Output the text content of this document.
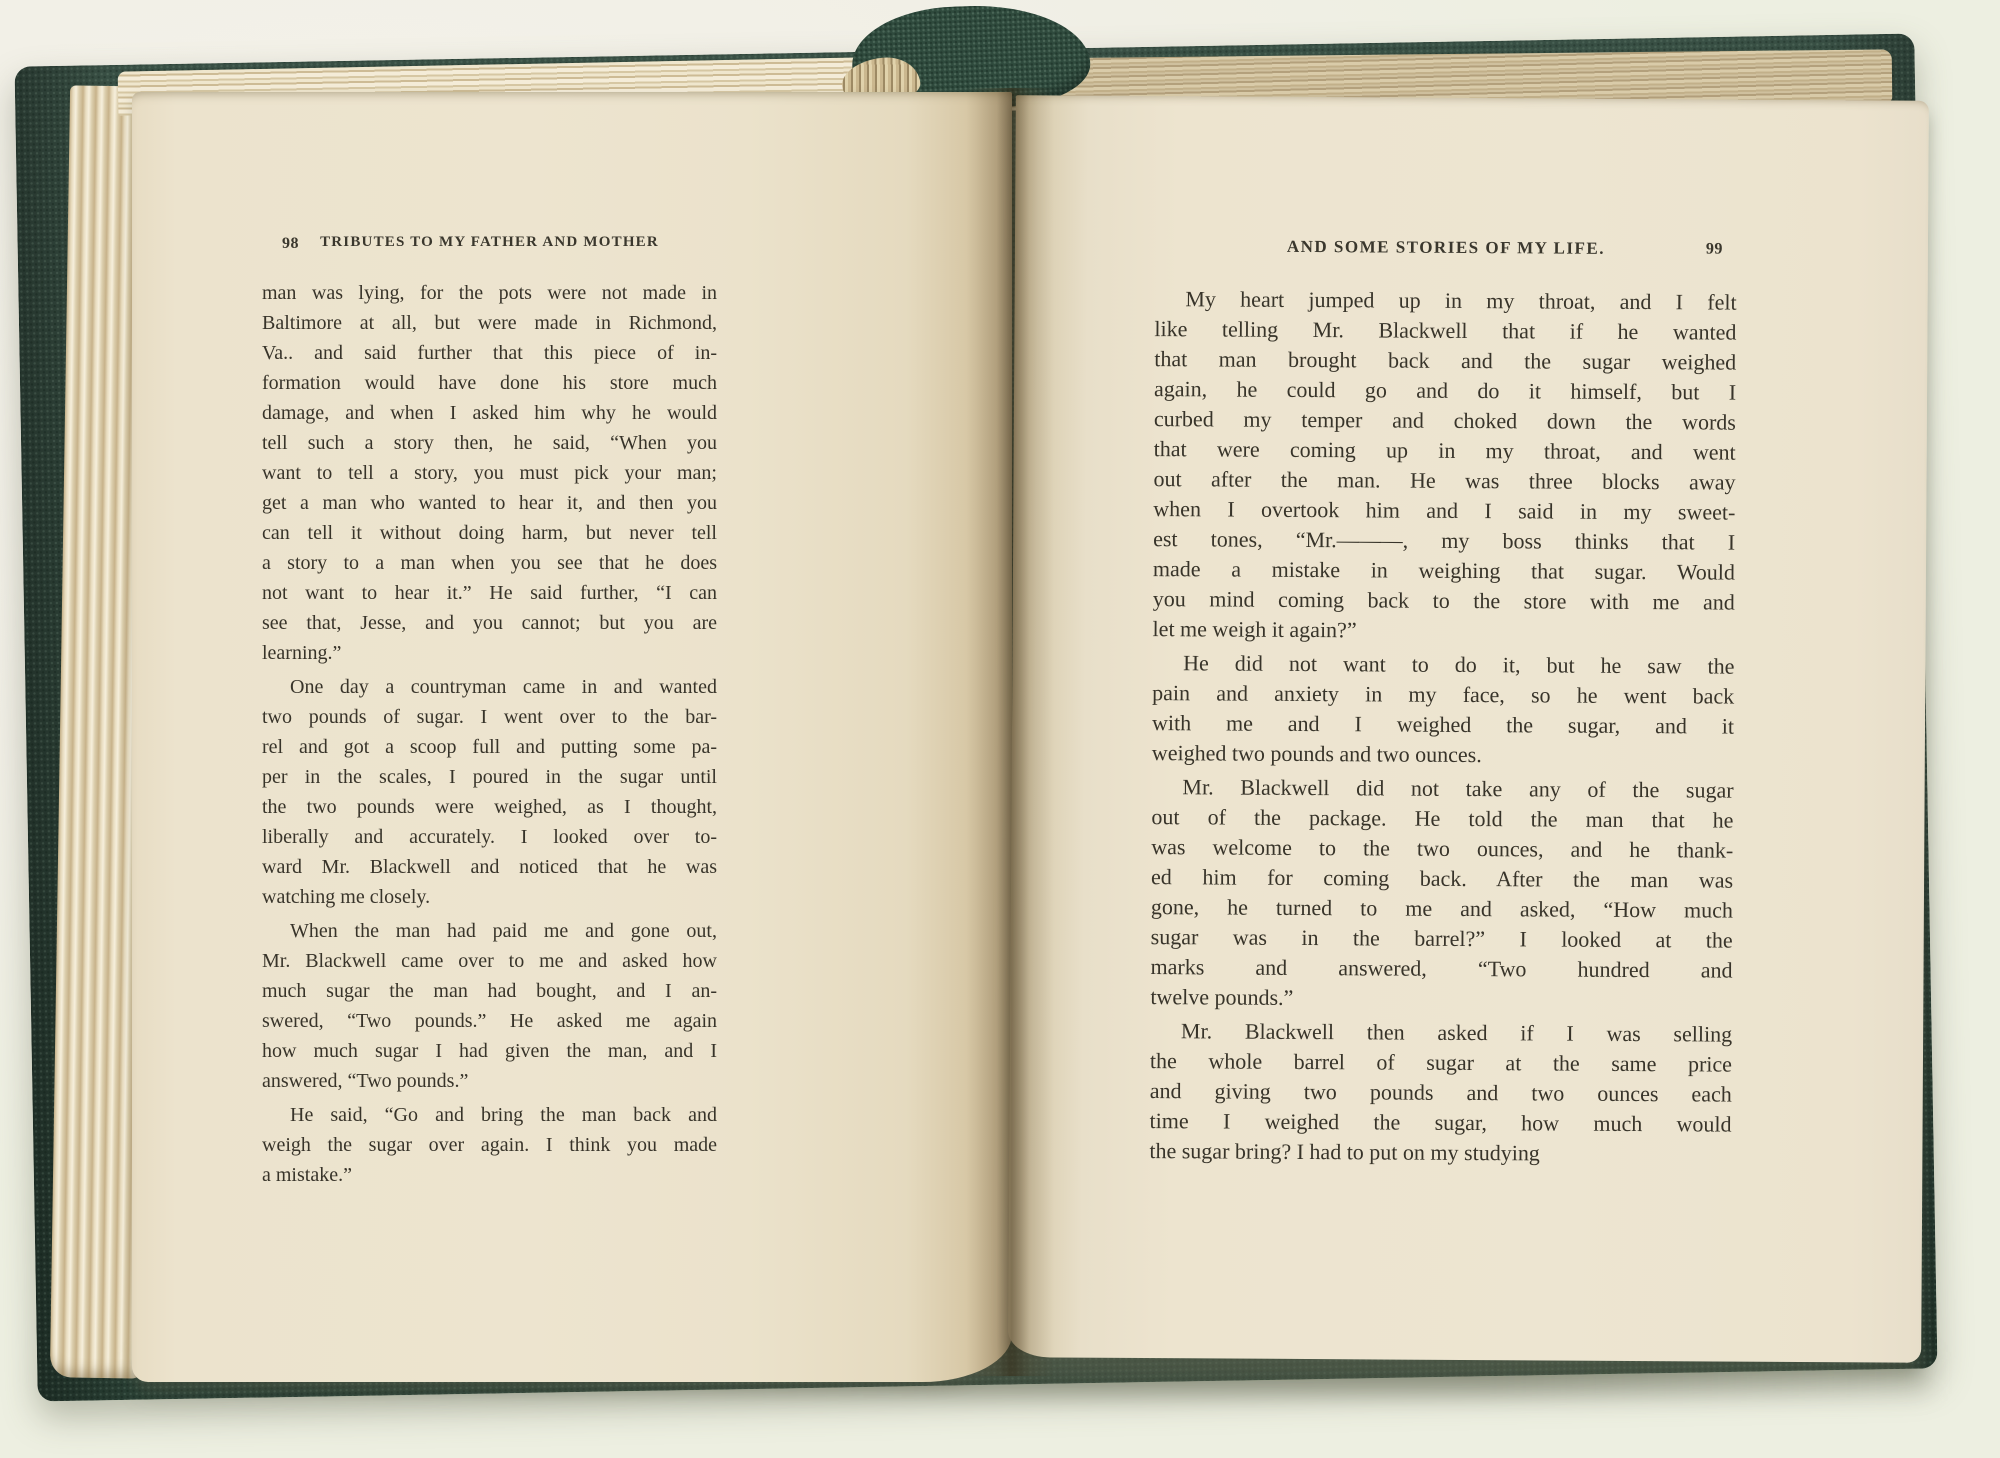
98	TRIBUTES TO MY FATHER AND MOTHER
man was lying, for the pots were not made in
Baltimore at all, but were made in Richmond,
Va.. and said further that this piece of in-
formation would have done his store much
damage, and when I asked him why he would
tell such a story then, he said, “When you
want to tell a story, you must pick your man;
get a man who wanted to hear it, and then you
can tell it without doing harm, but never tell
a story to a man when you see that he does
not want to hear it.” He said further, “I can
see that, Jesse, and you cannot; but you are
learning.”
One day a countryman came in and wanted
two pounds of sugar. I went over to the bar-
rel and got a scoop full and putting some pa-
per in the scales, I poured in the sugar until
the two pounds were weighed, as I thought,
liberally and accurately. I looked over to-
ward Mr. Blackwell and noticed that he was
watching me closely.
When the man had paid me and gone out,
Mr. Blackwell came over to me and asked how
much sugar the man had bought, and I an-
swered, “Two pounds.” He asked me again
how much sugar I had given the man, and I
answered, “Two pounds.”
He said, “Go and bring the man back and
weigh the sugar over again. I think you made
a mistake.”
AND SOME STORIES OF MY LIFE.	99
My heart jumped up in my throat, and I felt
like telling Mr. Blackwell that if he wanted
that man brought back and the sugar weighed
again, he could go and do it himself, but I
curbed my temper and choked down the words
that were coming up in my throat, and went
out after the man. He was three blocks away
when I overtook him and I said in my sweet-
est tones, “Mr.———, my boss thinks that I
made a mistake in weighing that sugar. Would
you mind coming back to the store with me and
let me weigh it again?”
He did not want to do it, but he saw the
pain and anxiety in my face, so he went back
with me and I weighed the sugar, and it
weighed two pounds and two ounces.
Mr. Blackwell did not take any of the sugar
out of the package. He told the man that he
was welcome to the two ounces, and he thank-
ed him for coming back. After the man was
gone, he turned to me and asked, “How much
sugar was in the barrel?” I looked at the
marks and answered, “Two hundred and
twelve pounds.”
Mr. Blackwell then asked if I was selling
the whole barrel of sugar at the same price
and giving two pounds and two ounces each
time I weighed the sugar, how much would
the sugar bring? I had to put on my studying
